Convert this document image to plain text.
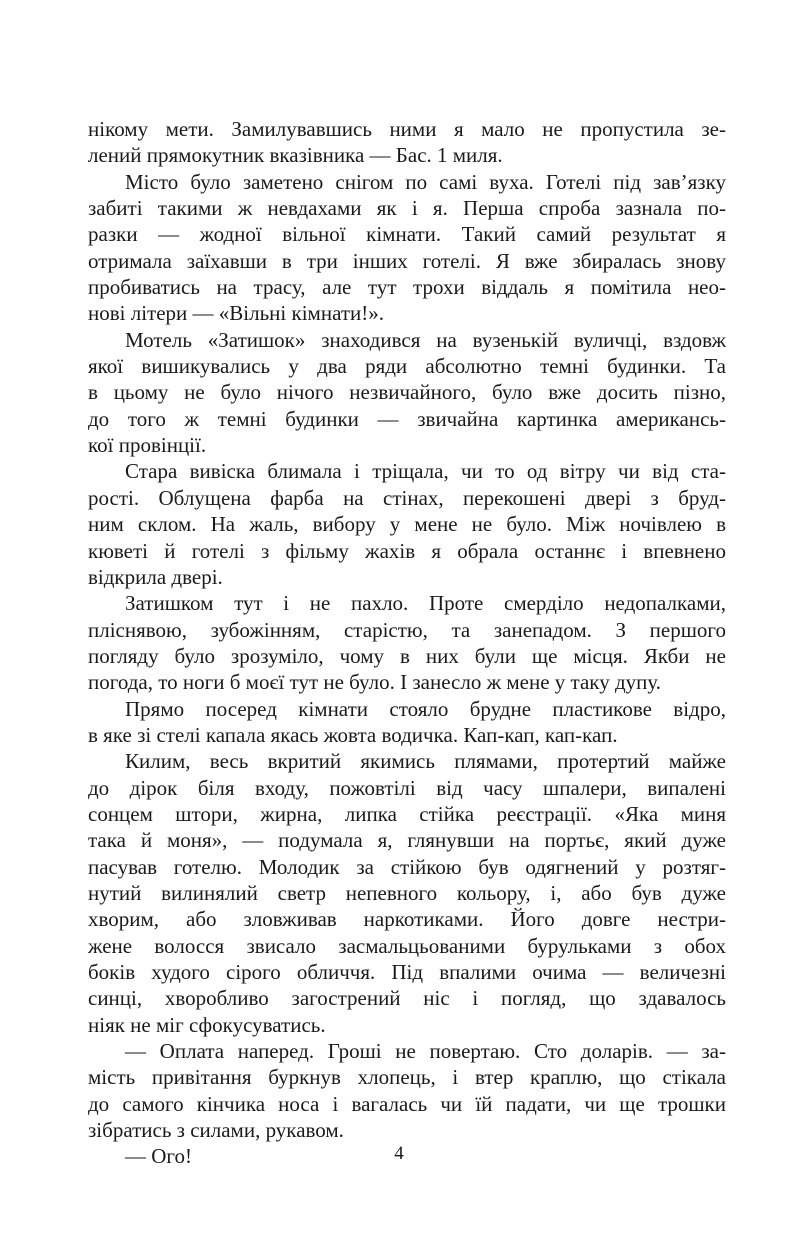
нікому мети. Замилувавшись ними я мало не пропустила зе-
лений прямокутник вказівника — Бас. 1 миля.
Місто було заметено снігом по самі вуха. Готелі під зав’язку
забиті такими ж невдахами як і я. Перша спроба зазнала по-
разки — жодної вільної кімнати. Такий самий результат я
отримала заїхавши в три інших готелі. Я вже збиралась знову
пробиватись на трасу, але тут трохи віддаль я помітила нео-
нові літери — «Вільні кімнати!».
Мотель «Затишок» знаходився на вузенькій вуличці, вздовж
якої вишикувались у два ряди абсолютно темні будинки. Та
в цьому не було нічого незвичайного, було вже досить пізно,
до того ж темні будинки — звичайна картинка американсь-
кої провінції.
Стара вивіска блимала і тріщала, чи то од вітру чи від ста-
рості. Облущена фарба на стінах, перекошені двері з бруд-
ним склом. На жаль, вибору у мене не було. Між ночівлею в
кюветі й готелі з фільму жахів я обрала останнє і впевнено
відкрила двері.
Затишком тут і не пахло. Проте смерділо недопалками,
пліснявою, зубожінням, старістю, та занепадом. З першого
погляду було зрозуміло, чому в них були ще місця. Якби не
погода, то ноги б моєї тут не було. І занесло ж мене у таку дупу.
Прямо посеред кімнати стояло брудне пластикове відро,
в яке зі стелі капала якась жовта водичка. Кап-кап, кап-кап.
Килим, весь вкритий якимись плямами, протертий майже
до дірок біля входу, пожовтілі від часу шпалери, випалені
сонцем штори, жирна, липка стійка реєстрації. «Яка миня
така й моня», — подумала я, глянувши на портьє, який дуже
пасував готелю. Молодик за стійкою був одягнений у розтяг-
нутий вилинялий светр непевного кольору, і, або був дуже
хворим, або зловживав наркотиками. Його довге нестри-
жене волосся звисало засмальцьованими бурульками з обох
боків худого сірого обличчя. Під впалими очима — величезні
синці, хворобливо загострений ніс і погляд, що здавалось
ніяк не міг сфокусуватись.
— Оплата наперед. Гроші не повертаю. Сто доларів. — за-
мість привітання буркнув хлопець, і втер краплю, що стікала
до самого кінчика носа і вагалась чи їй падати, чи ще трошки
зібратись з силами, рукавом.
— Ого!	4
